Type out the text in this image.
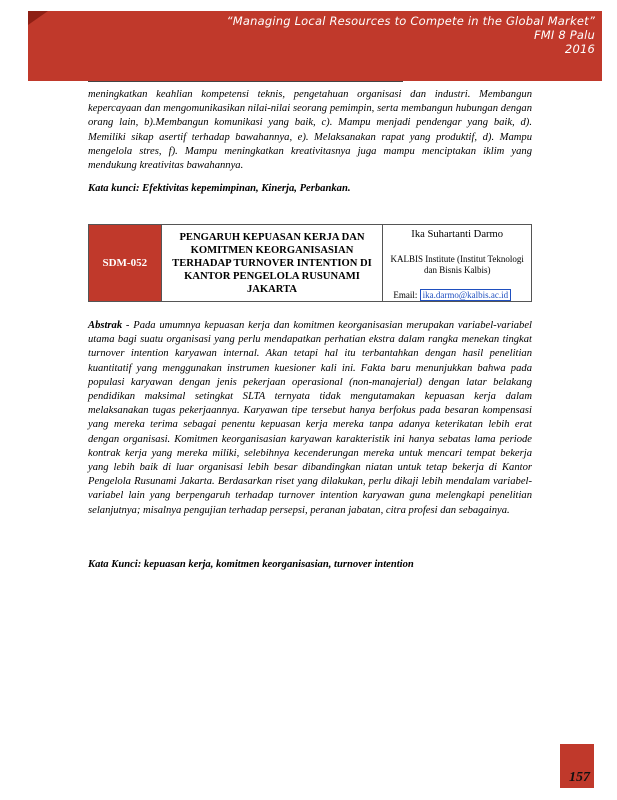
“Managing Local Resources to Compete in the Global Market”
FMI 8 Palu
2016

meningkatkan keahlian kompetensi teknis, pengetahuan organisasi dan industri. Membangun kepercayaan dan mengomunikasikan nilai-nilai seorang pemimpin, serta membangun hubungan dengan orang lain, b).Membangun komunikasi yang baik, c). Mampu menjadi pendengar yang baik, d). Memiliki sikap asertif terhadap bawahannya, e). Melaksanakan rapat yang produktif, d). Mampu mengelola stres, f). Mampu meningkatkan kreativitasnya juga mampu menciptakan iklim yang mendukung kreativitas bawahannya.

Kata kunci: Efektivitas kepemimpinan, Kinerja, Perbankan.

SDM-052	PENGARUH KEPUASAN KERJA DAN KOMITMEN KEORGANISASIAN TERHADAP TURNOVER INTENTION DI KANTOR PENGELOLA RUSUNAMI JAKARTA	
Ika Suhartanti Darmo
KALBIS Institute (Institut Teknologi dan Bisnis Kalbis)
Email: ika.darmo@kalbis.ac.id

Abstrak - Pada umumnya kepuasan kerja dan komitmen keorganisasian merupakan variabel-variabel utama bagi suatu organisasi yang perlu mendapatkan perhatian ekstra dalam rangka menekan tingkat turnover intention karyawan internal. Akan tetapi hal itu terbantahkan dengan hasil penelitian kuantitatif yang menggunakan instrumen kuesioner kali ini. Fakta baru menunjukkan bahwa pada populasi karyawan dengan jenis pekerjaan operasional (non-manajerial) dengan latar belakang pendidikan maksimal setingkat SLTA ternyata tidak mengutamakan kepuasan kerja dalam melaksanakan tugas pekerjaannya. Karyawan tipe tersebut hanya berfokus pada besaran kompensasi yang mereka terima sebagai penentu kepuasan kerja mereka tanpa adanya keterikatan lebih erat dengan organisasi. Komitmen keorganisasian karyawan karakteristik ini hanya sebatas lama periode kontrak kerja yang mereka miliki, selebihnya kecenderungan mereka untuk mencari tempat bekerja yang lebih baik di luar organisasi lebih besar dibandingkan niatan untuk tetap bekerja di Kantor Pengelola Rusunami Jakarta. Berdasarkan riset yang dilakukan, perlu dikaji lebih mendalam variabel-variabel lain yang berpengaruh terhadap turnover intention karyawan guna melengkapi penelitian selanjutnya; misalnya pengujian terhadap persepsi, peranan jabatan, citra profesi dan sebagainya.

Kata Kunci: kepuasan kerja, komitmen keorganisasian, turnover intention

157
